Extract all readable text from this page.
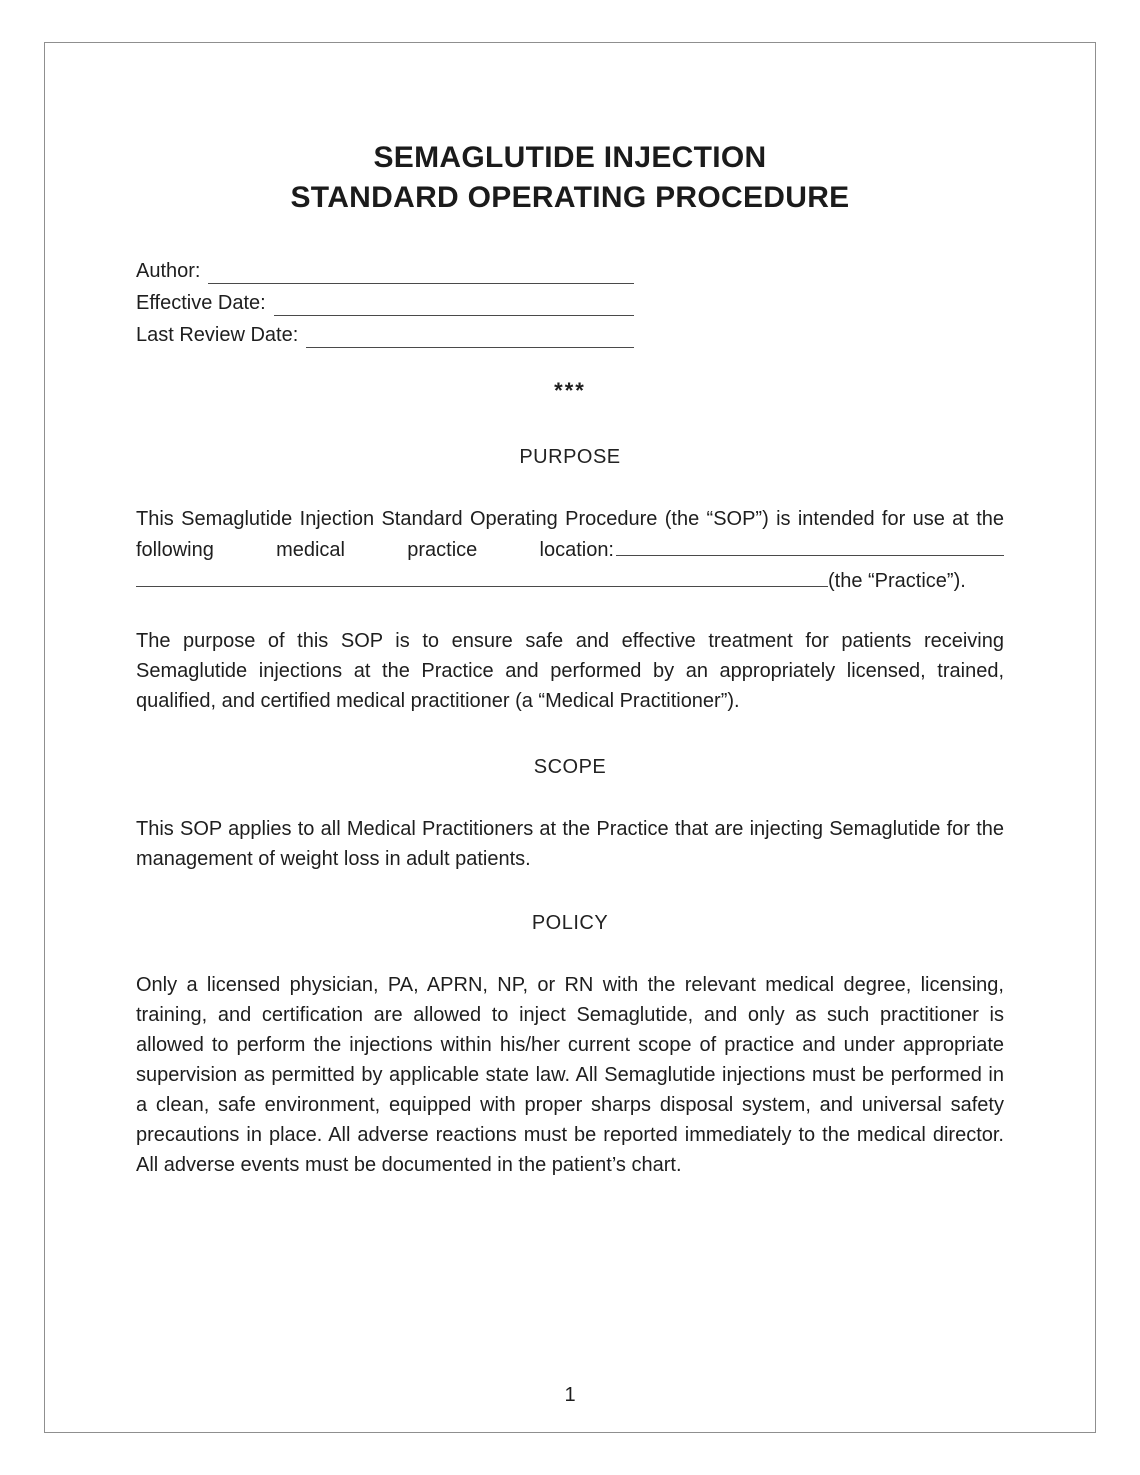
SEMAGLUTIDE INJECTION
STANDARD OPERATING PROCEDURE
Author:
Effective Date:
Last Review Date:
***
PURPOSE

This Semaglutide Injection Standard Operating Procedure (the “SOP”) is intended for use at the following medical practice location: (the “Practice”).

The purpose of this SOP is to ensure safe and effective treatment for patients receiving Semaglutide injections at the Practice and performed by an appropriately licensed, trained, qualified, and certified medical practitioner (a “Medical Practitioner”).

SCOPE

This SOP applies to all Medical Practitioners at the Practice that are injecting Semaglutide for the management of weight loss in adult patients.

POLICY

Only a licensed physician, PA, APRN, NP, or RN with the relevant medical degree, licensing, training, and certification are allowed to inject Semaglutide, and only as such practitioner is allowed to perform the injections within his/her current scope of practice and under appropriate supervision as permitted by applicable state law. All Semaglutide injections must be performed in a clean, safe environment, equipped with proper sharps disposal system, and universal safety precautions in place. All adverse reactions must be reported immediately to the medical director. All adverse events must be documented in the patient’s chart.

1
